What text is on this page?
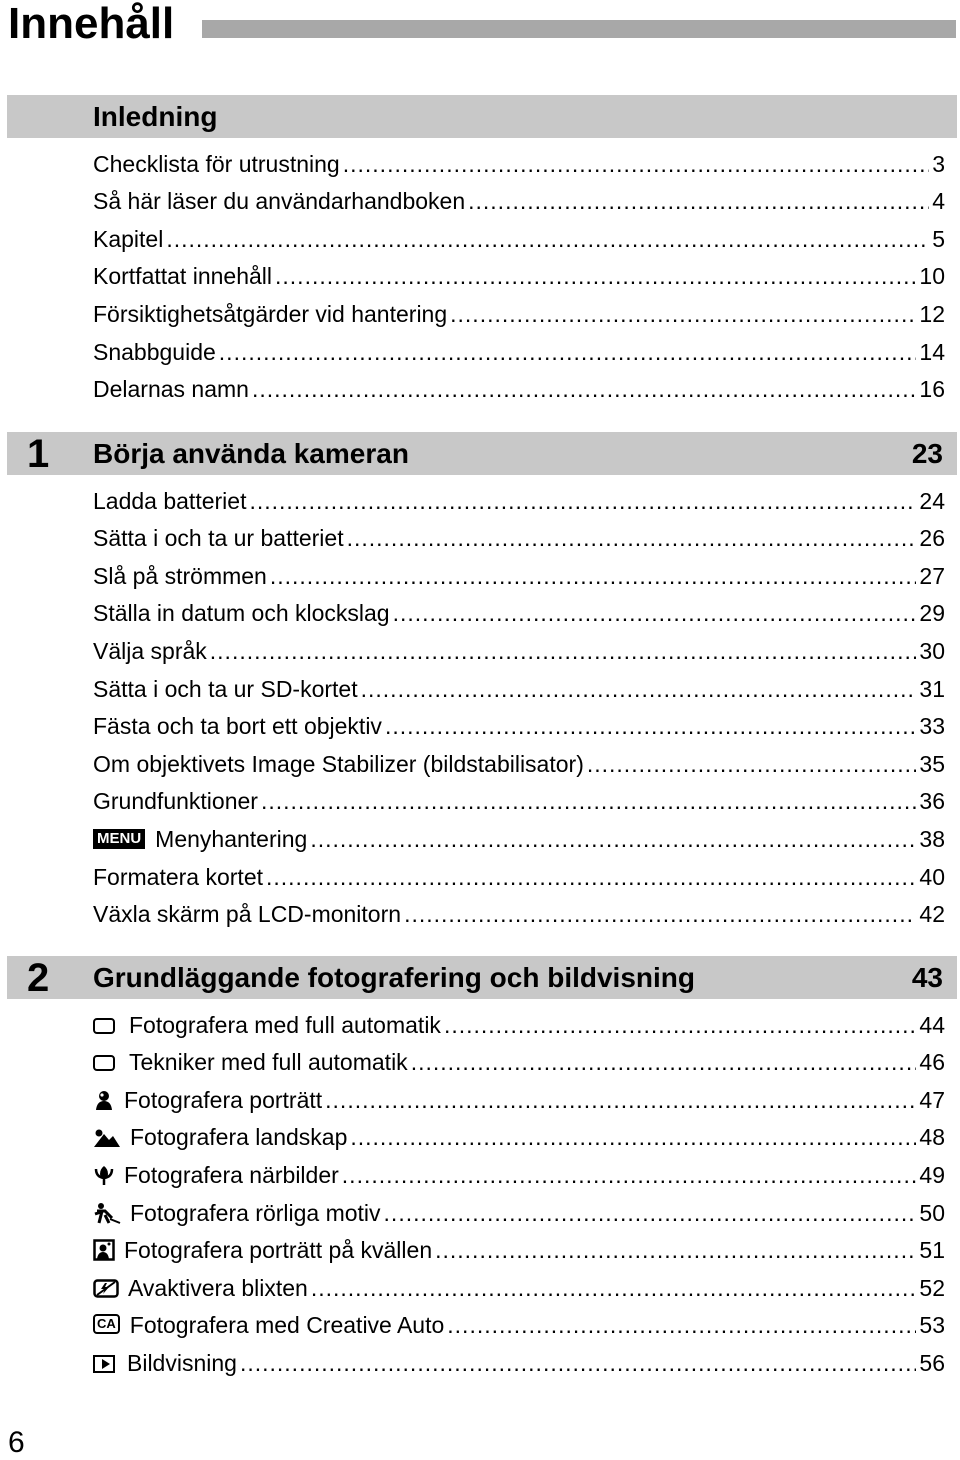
Innehåll
Inledning
Checklista för utrustning .....	3
Så här läser du användarhandboken .....	4
Kapitel .....	5
Kortfattat innehåll .....	10
Försiktighetsåtgärder vid hantering .....	12
Snabbguide .....	14
Delarnas namn .....	16
1 Börja använda kameran	23
Ladda batteriet .....	24
Sätta i och ta ur batteriet .....	26
Slå på strömmen .....	27
Ställa in datum och klockslag .....	29
Välja språk .....	30
Sätta i och ta ur SD-kortet .....	31
Fästa och ta bort ett objektiv .....	33
Om objektivets Image Stabilizer (bildstabilisator) .....	35
Grundfunktioner .....	36
MENU Menyhantering .....	38
Formatera kortet .....	40
Växla skärm på LCD-monitorn .....	42
2 Grundläggande fotografering och bildvisning	43
Fotografera med full automatik .....	44
Tekniker med full automatik .....	46
Fotografera porträtt .....	47
Fotografera landskap .....	48
Fotografera närbilder .....	49
Fotografera rörliga motiv .....	50
Fotografera porträtt på kvällen .....	51
Avaktivera blixten .....	52
CA Fotografera med Creative Auto .....	53
Bildvisning .....	56
6
